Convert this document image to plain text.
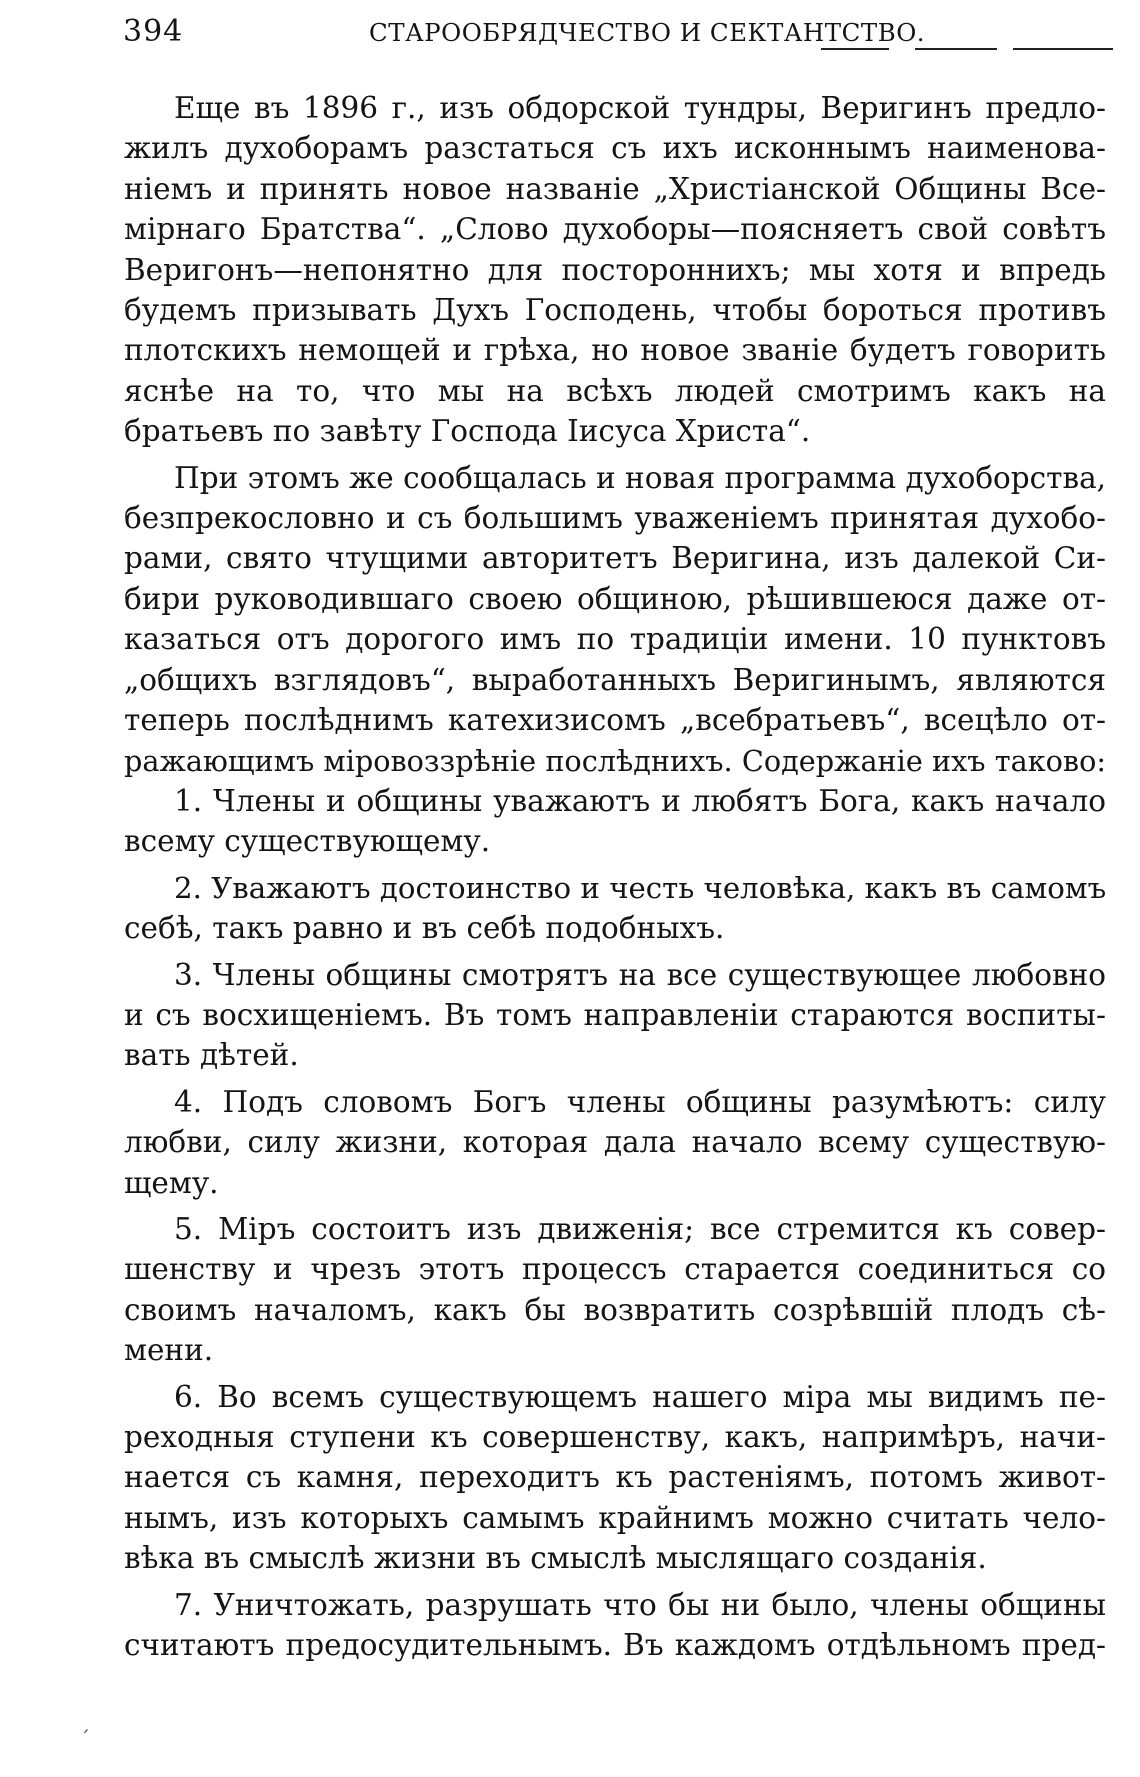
394	СТАРООБРЯДЧЕСТВО И СЕКТАНТСТВО.
Еще въ 1896 г., изъ обдорской тундры, Веригинъ предло-
жилъ духоборамъ разстаться съ ихъ исконнымъ наименова-
ніемъ и принять новое названіе „Христіанской Общины Все-
мірнаго Братства“. „Слово духоборы—поясняетъ свой совѣтъ
Веригонъ—непонятно для постороннихъ; мы хотя и впредь
будемъ призывать Духъ Господень, чтобы бороться противъ
плотскихъ немощей и грѣха, но новое званіе будетъ говорить
яснѣе на то, что мы на всѣхъ людей смотримъ какъ на
братьевъ по завѣту Господа Іисуса Христа“.
При этомъ же сообщалась и новая программа духоборства,
безпрекословно и съ большимъ уваженіемъ принятая духобо-
рами, свято чтущими авторитетъ Веригина, изъ далекой Си-
бири руководившаго своею общиною, рѣшившеюся даже от-
казаться отъ дорогого имъ по традиціи имени. 10 пунктовъ
„общихъ взглядовъ“, выработанныхъ Веригинымъ, являются
теперь послѣднимъ катехизисомъ „всебратьевъ“, всецѣло от-
ражающимъ міровоззрѣніе послѣднихъ. Содержаніе ихъ таково:
1. Члены и общины уважаютъ и любятъ Бога, какъ начало
всему существующему.
2. Уважаютъ достоинство и честь человѣка, какъ въ самомъ
себѣ, такъ равно и въ себѣ подобныхъ.
3. Члены общины смотрятъ на все существующее любовно
и съ восхищеніемъ. Въ томъ направленіи стараются воспиты-
вать дѣтей.
4. Подъ словомъ Богъ члены общины разумѣютъ: силу
любви, силу жизни, которая дала начало всему существую-
щему.
5. Міръ состоитъ изъ движенія; все стремится къ совер-
шенству и чрезъ этотъ процессъ старается соединиться со
своимъ началомъ, какъ бы возвратить созрѣвшій плодъ сѣ-
мени.
6. Во всемъ существующемъ нашего міра мы видимъ пе-
реходныя ступени къ совершенству, какъ, напримѣръ, начи-
нается съ камня, переходитъ къ растеніямъ, потомъ живот-
нымъ, изъ которыхъ самымъ крайнимъ можно считать чело-
вѣка въ смыслѣ жизни въ смыслѣ мыслящаго созданія.
7. Уничтожать, разрушать что бы ни было, члены общины
считаютъ предосудительнымъ. Въ каждомъ отдѣльномъ пред-
ˊ
